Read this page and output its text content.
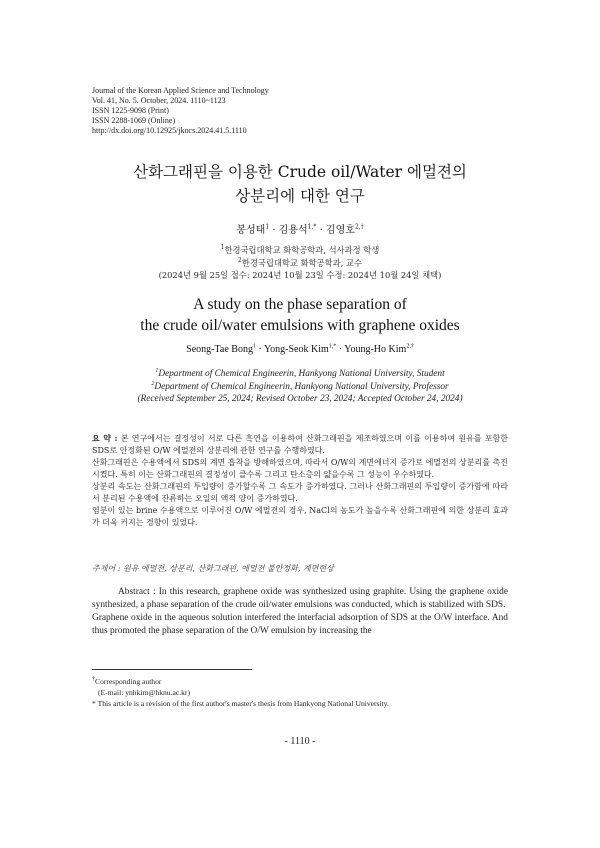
Journal of the Korean Applied Science and Technology
Vol. 41, No. 5. October, 2024. 1110~1123
ISSN 1225-9098 (Print)
ISSN 2288-1069 (Online)
http://dx.doi.org/10.12925/jkocs.2024.41.5.1110
산화그래핀을 이용한 Crude oil/Water 에멀젼의
상분리에 대한 연구
봉성태$^1$ · 김용석$^{1,*}$ · 김영호$^{2,\dagger}$
$^1$한경국립대학교 화학공학과, 석사과정 학생
$^2$한경국립대학교 화학공학과, 교수
(2024년 9월 25일 접수: 2024년 10월 23일 수정: 2024년 10월 24일 채택)
A study on the phase separation of
the crude oil/water emulsions with graphene oxides
Seong-Tae Bong$^1$ · Yong-Seok Kim$^{1,*}$ · Young-Ho Kim$^{2,\dagger}$
$^1$Department of Chemical Engineerin, Hankyong National University, Student
$^2$Department of Chemical Engineerin, Hankyong National University, Professor
(Received September 25, 2024; Revised October 23, 2024; Accepted October 24, 2024)

요 약 : 본 연구에서는 결정성이 서로 다른 흑연을 이용하여 산화그래핀을 제조하였으며 이를 이용하여 원유를 포함한 SDS로 안정화된 O/W 에멀젼의 상분리에 관한 연구를 수행하였다.

산화그래핀은 수용액에서 SDS의 계면 흡착을 방해하였으며, 따라서 O/W의 계면에너지 증가로 에멀젼의 상분리를 촉진시켰다. 특히 이는 산화그래핀의 결정성이 클수록 그리고 탄소층의 얇을수록 그 성능이 우수하였다.

상분리 속도는 산화그래핀의 투입량이 증가할수록 그 속도가 증가하였다. 그러나 산화그래핀의 투입량이 증가함에 따라서 분리된 수용액에 잔류하는 오일의 액적 양이 증가하였다.

염분이 있는 brine 수용액으로 이루어진 O/W 에멀젼의 경우, NaCl의 농도가 높을수록 산화그래핀에 의한 상분리 효과가 더욱 커지는 경향이 있었다.

주제어 : 원유 에멀젼, 상분리, 산화그래핀, 에멀젼 불안정화, 계면현상

Abstract : In this research, graphene oxide was synthesized using graphite. Using the graphene oxide synthesized, a phase separation of the crude oil/water emulsions was conducted, which is stabilized with SDS.

Graphene oxide in the aqueous solution interfered the interfacial adsorption of SDS at the O/W interface. And thus promoted the phase separation of the O/W emulsion by increasing the

†Corresponding author
(E-mail: ynhkim@hknu.ac.kr)
* This article is a revision of the first author's master's thesis from Hankyong National University.
- 1110 -
